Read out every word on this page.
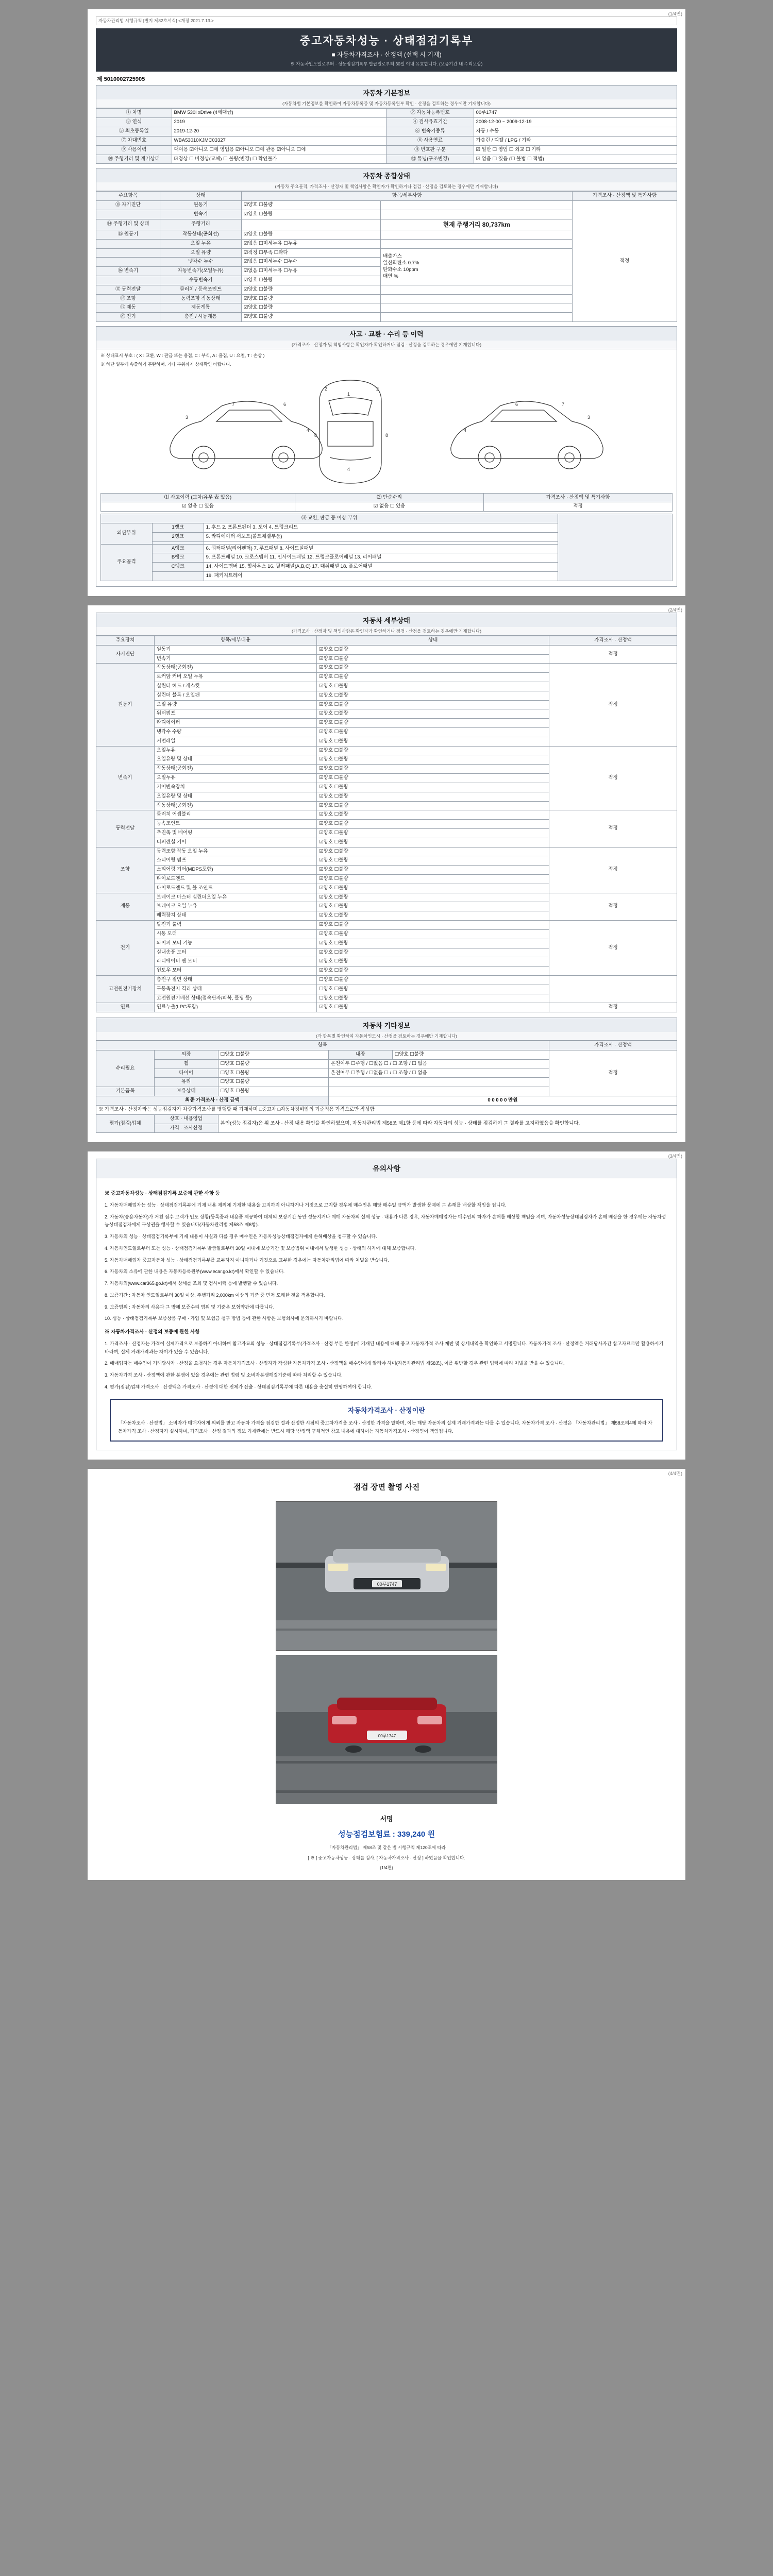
(1/4면)
자동차관리법 시행규칙 [별지 제82호서식] <개정 2021.7.13.>
중고자동차성능 · 상태점검기록부
■ 자동차가격조사 · 산정액 (선택 시 기재)
※ 자동차인도일로부터 · 성능점검기록부 발급일로부터 30일 이내 유효합니다. (보증기간 내 수리보상)
제 5010002725905
자동차 기본정보
(자동차법 기본정보를 확인하여 자동차등록증 및 자동차등록원부 확인 · 산정을 검토하는 경우에만 기재합니다)
① 차명	BMW 530i xDrive (4세대급)	② 자동차등록번호	00루1747
③ 연식	2019	④ 검사유효기간	2008-12-00 ~ 2009-12-19
⑤ 최초등록일	2019-12-20	⑥ 변속기종류	자동 / 수동
⑦ 차대번호	WBA53010XJMC03327	⑧ 사용연료	가솔린 / 디젤 / LPG / 기타
⑨ 사용이력	대여용 ☑아니오 ☐예 영업용 ☑아니오 ☐예 관용 ☑아니오 ☐예	⑪ 번호판 구분	☑ 일반 ☐ 영업 ☐ 외교 ☐ 기타
⑩ 주행거리 및 계기상태	☑정상 ☐ 비정상(교체) ☐ 불량(변경) ☐ 확인불가	⑫ 튜닝(구조변경)	☑ 없음 ☐ 있음 (☐ 불법 ☐ 적법)
자동차 종합상태
(자동차 주요골격, 가격조사 · 산정자 및 책임사항은 확인자가 확인하거나 점검 · 산정을 검토하는 경우에만 기재합니다)
주요항목	상태	항목/세부사항		가격조사 · 산정액 및 특가사항
⑬ 자기진단	원동기	☑양호 ☐불량		적정
	변속기	☑양호 ☐불량		
⑭ 주행거리 및 상태	주행거리		현재 주행거리 80,737km	
⑮ 원동기	작동상태(공회전)	☑양호 ☐불량		
	오일 누유	☑없음 ☐미세누유 ☐누유		
	오일 유량	☑적정 ☐부족 ☐과다	배출가스
일산화탄소 0.7%
탄화수소 10ppm
매연 %	
	냉각수 누수	☑없음 ☐미세누수 ☐누수		
⑯ 변속기	자동변속기(오일누유)	☑없음 ☐미세누유 ☐누유		
	수동변속기	☑양호 ☐불량		
⑰ 동력전달	클러치 / 등속조인트	☑양호 ☐불량		
⑱ 조향	동력조향 작동상태	☑양호 ☐불량		
⑲ 제동	제동계통	☑양호 ☐불량		
⑳ 전기	충전 / 시동계통	☑양호 ☐불량		
사고 · 교환 · 수리 등 이력
(가격조사 · 산정자 및 책임사항은 확인자가 확인하거나 점검 · 산정을 검토하는 경우에만 기재합니다)
※ 상태표시 부호 : ( X : 교환, W : 판금 또는 용접, C : 부식, A : 흠집, U : 요철, T : 손상 )
※ 하단 일부에 속출하기 곤란하며, 기타 부위까지 상세확인 바랍니다.
3
7	6
4
2	2
1
4
8	8
4
6	7
3
⑴ 사고이력 (교차/유무 表 있음)	⑵ 단순수리	가격조사 · 산정액 및 특기사항
☑ 없음 ☐ 있음	☑ 없음 ☐ 있음	적정
⑶ 교환, 판금 등 이상 부위			
외판부위	1랭크	1. 후드 2. 프론트펜더 3. 도어 4. 트렁크리드	
	2랭크	5. 라디에이터 서포트(볼트체결부품)	

주요골격	A랭크	6. 쿼터패널(리어펜더) 7. 루프패널 8. 사이드실패널	
	B랭크	9. 프론트패널 10. 크로스멤버 11. 인사이드패널 12. 트렁크플로어패널 13. 리어패널	
	C랭크	14. 사이드멤버 15. 휠하우스 16. 필러패널(A,B,C) 17. 대쉬패널 18. 플로어패널	
		19. 패키지트레이	
(2/4면)
자동차 세부상태
(가격조사 · 산정자 및 책임사항은 확인자가 확인하거나 점검 · 산정을 검토하는 경우에만 기재합니다)
주요장치	항목/세부내용	상태	가격조사 · 산정액
자기진단	원동기	☑양호 ☐불량	적정
	변속기	☑양호 ☐불량	
원동기	작동상태(공회전)	☑양호 ☐불량	적정
	로커암 커버 오일 누유	☑양호 ☐불량	
	실린더 헤드 / 개스킷	☑양호 ☐불량	
	실린더 블록 / 오일팬	☑양호 ☐불량	
	오일 유량	☑양호 ☐불량	
	워터펌프	☑양호 ☐불량	
	라디에이터	☑양호 ☐불량	
	냉각수 수량	☑양호 ☐불량	
	커먼레일	☑양호 ☐불량	
변속기	오일누유	☑양호 ☐불량	적정
	오일유량 및 상태	☑양호 ☐불량	
	작동상태(공회전)	☑양호 ☐불량	
	오일누유	☑양호 ☐불량	
	기어변속장치	☑양호 ☐불량	
	오일유량 및 상태	☑양호 ☐불량	
	작동상태(공회전)	☑양호 ☐불량	
동력전달	클러치 어셈블리	☑양호 ☐불량	적정
	등속조인트	☑양호 ☐불량	
	추진축 및 베어링	☑양호 ☐불량	
	디퍼렌셜 기어	☑양호 ☐불량	
조향	동력조향 작동 오일 누유	☑양호 ☐불량	적정
	스티어링 펌프	☑양호 ☐불량	
	스티어링 기어(MDPS포함)	☑양호 ☐불량	
	타이로드엔드	☑양호 ☐불량	
	타이로드엔드 및 볼 조인트	☑양호 ☐불량	
제동	브레이크 마스터 실린더오일 누유	☑양호 ☐불량	적정
	브레이크 오일 누유	☑양호 ☐불량	
	배력장치 상태	☑양호 ☐불량	
전기	발전기 출력	☑양호 ☐불량	적정
	시동 모터	☑양호 ☐불량	
	와이퍼 모터 기능	☑양호 ☐불량	
	실내송풍 모터	☑양호 ☐불량	
	라디에이터 팬 모터	☑양호 ☐불량	
	윈도우 모터	☑양호 ☐불량	
고전원전기장치	충전구 절연 상태	☐양호 ☐불량	
	구동축전지 격리 상태	☐양호 ☐불량	
	고전원전기배선 상태(접속단자/피복, 몰딩 등)	☐양호 ☐불량	
연료	연료누출(LPG포함)	☑양호 ☐불량	적정
자동차 기타정보
(각 항목별 확인하여 자동차인도시 · 산정을 검토하는 경우에만 기재합니다)
항목					가격조사 · 산정액
수리필요	외장	☐양호 ☐불량	내장	☐양호 ☐불량	적정
	휠	☐양호 ☐불량	온전여부 ☐주행 / ☐없음 ☐ / ☐ 조향 / ☐ 없음		
	타이어	☐양호 ☐불량	온전여부 ☐주행 / ☐없음 ☐ / ☐ 조향 / ☐ 없음		
	유리	☐양호 ☐불량			
기본품목	보유상태	☐양호 ☐불량			
최종 가격조사 · 산정 금액			0 0 0 0 0 만원		
※ 가격조사 · 산정자라는 성능점검자가 차량가격조사를 병행할 때 기재하며 □중고차 □자동차정비업의 기준적용 가격으로만 작성함					
평가(점검)업체	상호 · 내용영업	본인(성능 점검자)은 위 조사 · 산정 내용 확인을 확인하였으며, 자동차관리법 제58조 제1항 등에 따라 자동차의 성능 · 상태를 점검하여 그 결과를 고지하였음을 확인합니다.			
	가격 · 조사산정				
(3/4면)
유의사항
※ 중고자동차성능 · 상태점검기록 보증에 관한 사항 등

1. 자동차매매업자는 성능 · 상태점검기록부에 기재 내용 제외에 기재한 내용을 고지하지 아니하거나 거짓으로 고지할 경우에 매수인은 해당 매수일 금액가 발생한 문제에 그 손해를 배상할 책임을 집니다.

2. 자동차(승용자동차)가 거친 점수 고객가 인도 상황(등록증과 내용품 제공하여 대체의 보장기간 동안 성능지거나 매매 자동차의 실제 성능 · 내용가 다른 경우, 자동차매매업자는 매수인의 하자가 손해를 배상할 책임을 지며, 자동차성능상태점검자가 손해 배상을 한 경우에는 자동차성능상태점검자에게 구상권을 행사할 수 있습니다(자동차관리법 제58조 제6항).

3. 자동차의 성능 · 상태점검기록부에 기재 내용이 사실과 다를 경우 매수인은 자동차성능상태점검자에게 손해배상을 청구할 수 있습니다.

4. 자동차인도일로부터 또는 성능 · 상태점검기록부 발급일로부터 30일 이내에 보증기간 및 보증범위 이내에서 발생한 성능 · 상태의 하자에 대해 보증합니다.

5. 자동차매매업자 중고자동차 성능 · 상태점검기록부를 교부하지 아니하거나 거짓으로 교부한 경우에는 자동차관리법에 따라 처벌을 받습니다.

6. 자동차의 소유에 관한 내용은 자동차등록원부(www.ecar.go.kr)에서 확인할 수 있습니다.

7. 자동차의(www.car365.go.kr)에서 상세를 조회 및 검사이력 등에 발행할 수 있습니다.

8. 보증기간 : 자동차 인도일로부터 30일 이상, 주행거리 2,000km 이상의 기준 중 먼저 도래한 것을 적용합니다.

9. 보증범위 : 자동차의 사용과 그 밖에 보증수리 범위 및 기준은 보험약관에 따릅니다.

10. 성능 · 상태점검기록부 보증상품 구매 · 가입 및 보험금 청구 방법 등에 관한 사항은 보험회사에 문의하시기 바랍니다.

※ 자동차가격조사 · 산정의 보증에 관한 사항

1. 가격조사 · 산정자는 가격이 실제가격으로 보증하지 아니하며 참고자료의 성능 · 상태점검기록부(가격조사 · 산정 부분 한정)에 기재된 내용에 대해 중고 자동차가격 조사 제반 및 상세내역을 확인하고 서명합니다. 자동차가격 조사 · 산정액은 거래당사자간 참고자료로만 활용하시기 바라며, 실제 거래가격과는 차이가 있을 수 있습니다.

2. 매매업자는 매수인이 거래당사자 · 산정을 요청하는 경우 자동차가격조사 · 산정자가 작성한 자동차가격 조사 · 산정액을 매수인에게 알려야 하며(자동차관리법 제58조), 이를 위반할 경우 관련 법령에 따라 처벌을 받을 수 있습니다.

3. 자동차가격 조사 · 산정액에 관한 분쟁이 있을 경우에는 관련 법령 및 소비자분쟁해결기준에 따라 처리할 수 있습니다.

4. 평가(점검)업체 가격조사 · 산정액은 가격조사 · 산정에 대한 전체가 산출 · 상태점검기록부에 따른 내용을 충실히 반영하여야 합니다.

자동차가격조사 · 산정이란
「자동차조사 · 산정법」 소비자가 매매자에게 의뢰를 받고 자동차 가격을 점검한 결과 산정한 시점의 중고차가격을 조사 · 산정한 가격을 말하며, 이는 해당 자동차의 실제 거래가격과는 다를 수 있습니다. 자동차가격 조사 · 산정은 「자동차관리법」 제58조의4에 따라 자동차가격 조사 · 산정자가 실시하며, 가격조사 · 산정 결과의 정보 기재란에는 반드시 해당 '산정액 구체적인 참고 내용에 대하여는 자동차가격조사 · 산정인이 책임집니다.
(4/4면)
점검 장면 촬영 사진
00루1747
00루1747
서명
성능점검보험료 : 339,240 원
「자동차관리법」 제58조 및 같은 법 시행규칙 제120조에 따라
[ ※ ] 중고자동차성능 · 상태를 검사, [ 자동차가격조사 · 산정 ] 하였음을 확인합니다.
(1/4면)
